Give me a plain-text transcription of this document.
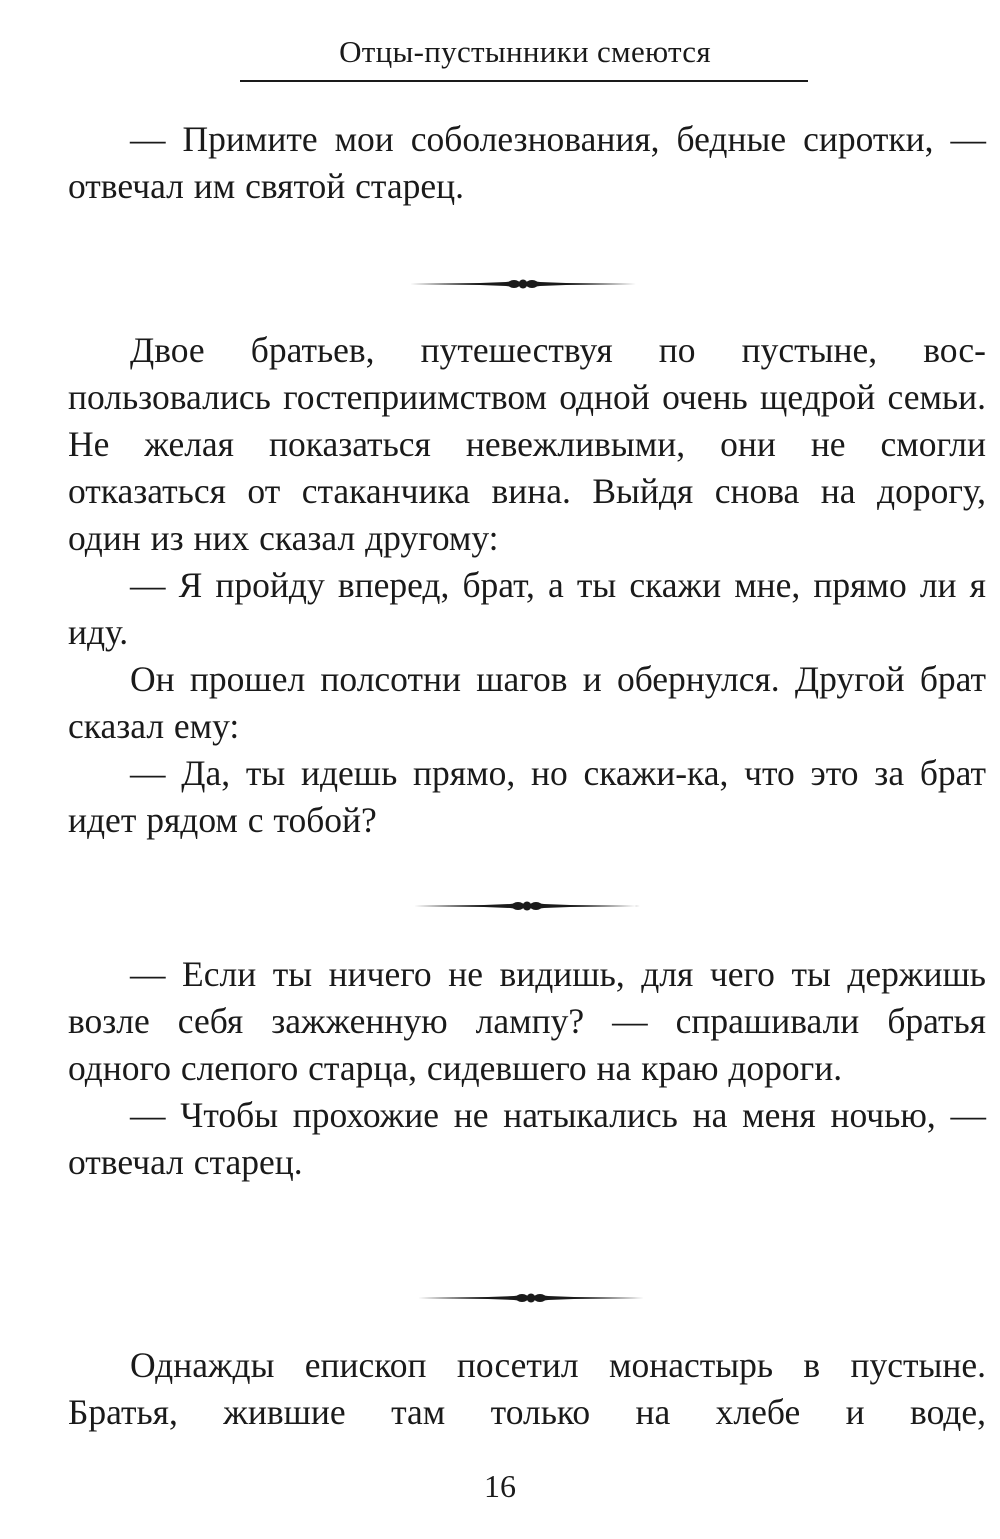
Отцы-пустынники смеются

— Примите мои соболезнования, бедные сиротки, — отвечал им святой старец.

Двое братьев, путешествуя по пустыне, воспользовались гостеприимством одной очень щедрой семьи. Не желая показаться невежливыми, они не смогли отказаться от стаканчика вина. Выйдя снова на дорогу, один из них сказал другому:

— Я пройду вперед, брат, а ты скажи мне, прямо ли я иду.

Он прошел полсотни шагов и обернулся. Другой брат сказал ему:

— Да, ты идешь прямо, но скажи-ка, что это за брат идет рядом с тобой?

— Если ты ничего не видишь, для чего ты держишь возле себя зажженную лампу? — спрашивали братья одного слепого старца, сидевшего на краю дороги.

— Чтобы прохожие не натыкались на меня ночью, — отвечал старец.

Однажды епископ посетил монастырь в пустыне. Братья, жившие там только на хлебе и воде,

16
